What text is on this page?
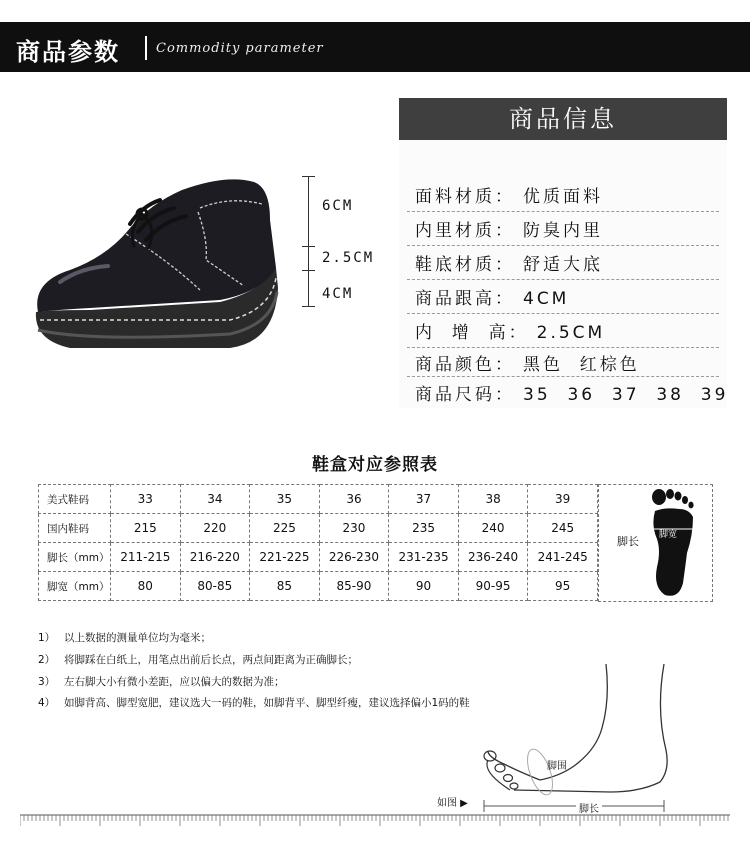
商品参数	Commodity parameter
6CM
2.5CM
4CM
商品信息
面料材质： 优质面料
内里材质： 防臭内里
鞋底材质： 舒适大底
商品跟高： 4CM
内  增  高： 2.5CM
商品颜色： 黑色  红棕色
商品尺码： 35  36  37  38  39
鞋盒对应参照表
美式鞋码	33	34	35	36	37	38	39
国内鞋码	215	220	225	230	235	240	245
脚长（mm）	211-215	216-220	221-225	226-230	231-235	236-240	241-245
脚宽（mm）	80	80-85	85	85-90	90	90-95	95
脚长 脚宽
1） 以上数据的测量单位均为毫米；
2） 将脚踩在白纸上，用笔点出前后长点，两点间距离为正确脚长；
3） 左右脚大小有微小差距，应以偏大的数据为准；
4） 如脚背高、脚型宽肥，建议选大一码的鞋，如脚背平、脚型纤瘦，建议选择偏小1码的鞋
脚围
脚长
如图 ▶
